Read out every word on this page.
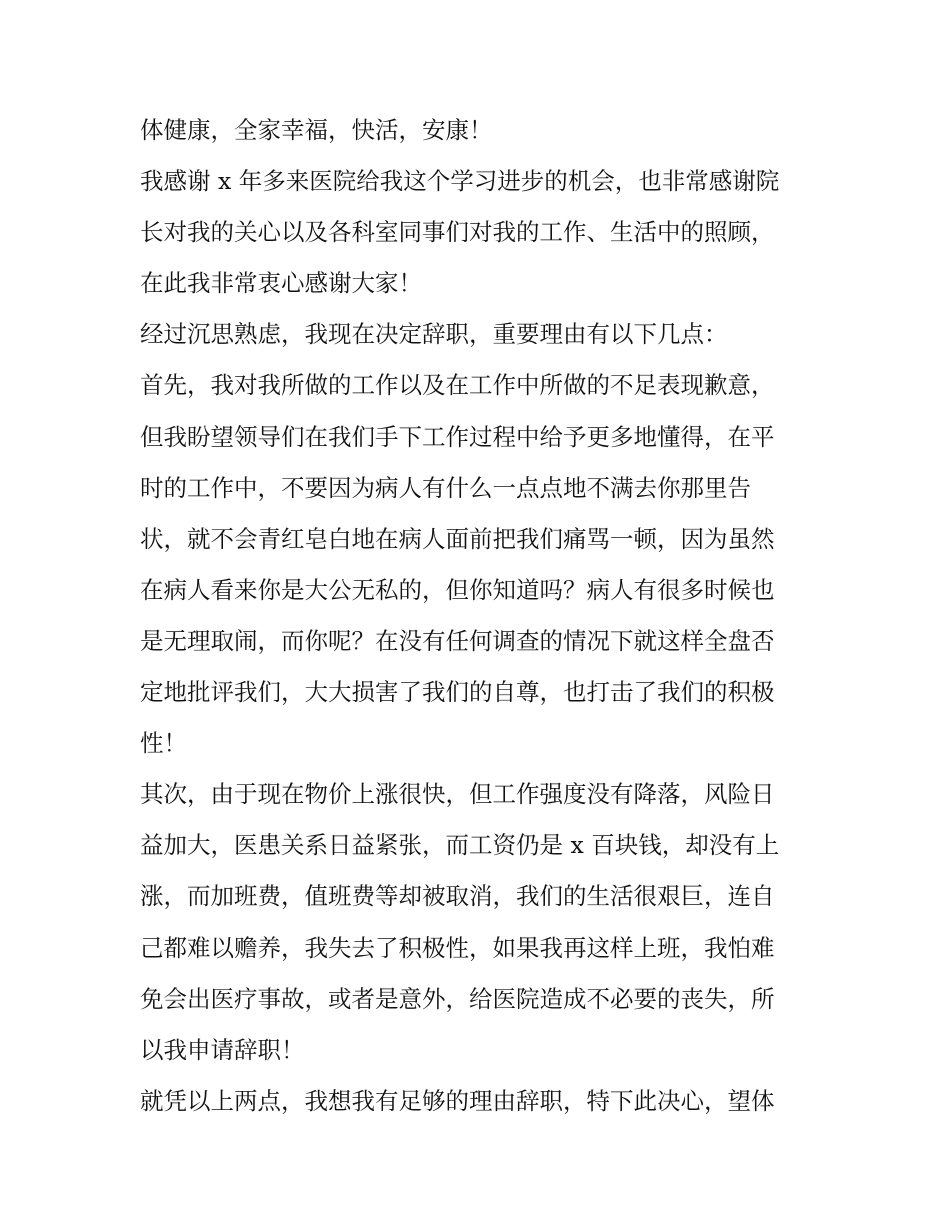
体健康，全家幸福，快活，安康！
我感谢 x 年多来医院给我这个学习进步的机会，也非常感谢院
长对我的关心以及各科室同事们对我的工作、生活中的照顾，
在此我非常衷心感谢大家！
经过沉思熟虑，我现在决定辞职，重要理由有以下几点：
首先，我对我所做的工作以及在工作中所做的不足表现歉意，
但我盼望领导们在我们手下工作过程中给予更多地懂得，在平
时的工作中，不要因为病人有什么一点点地不满去你那里告
状，就不会青红皂白地在病人面前把我们痛骂一顿，因为虽然
在病人看来你是大公无私的，但你知道吗？病人有很多时候也
是无理取闹，而你呢？在没有任何调查的情况下就这样全盘否
定地批评我们，大大损害了我们的自尊，也打击了我们的积极
性！
其次，由于现在物价上涨很快，但工作强度没有降落，风险日
益加大，医患关系日益紧张，而工资仍是 x 百块钱，却没有上
涨，而加班费，值班费等却被取消，我们的生活很艰巨，连自
己都难以赡养，我失去了积极性，如果我再这样上班，我怕难
免会出医疗事故，或者是意外，给医院造成不必要的丧失，所
以我申请辞职！
就凭以上两点，我想我有足够的理由辞职，特下此决心，望体
